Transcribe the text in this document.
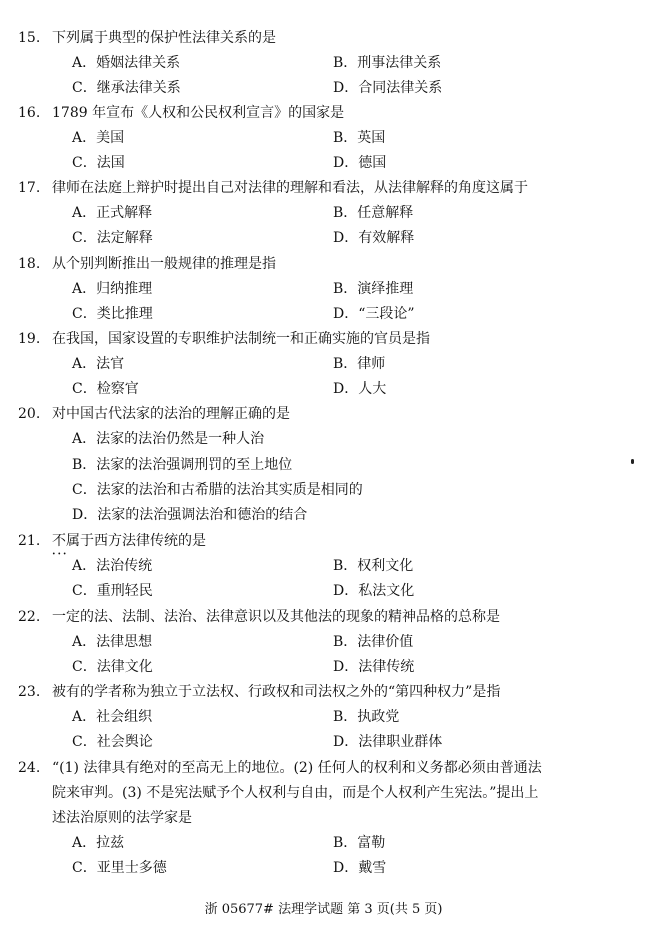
15. 下列属于典型的保护性法律关系的是
A．婚姻法律关系	B．刑事法律关系
C．继承法律关系	D．合同法律关系
16. 1789 年宣布《人权和公民权利宣言》的国家是
A．美国	B．英国
C．法国	D．德国
17. 律师在法庭上辩护时提出自己对法律的理解和看法，从法律解释的角度这属于
A．正式解释	B．任意解释
C．法定解释	D．有效解释
18. 从个别判断推出一般规律的推理是指
A．归纳推理	B．演绎推理
C．类比推理	D．“三段论”
19. 在我国，国家设置的专职维护法制统一和正确实施的官员是指
A．法官	B．律师
C．检察官	D．人大
20. 对中国古代法家的法治的理解正确的是
A．法家的法治仍然是一种人治
B．法家的法治强调刑罚的至上地位
C．法家的法治和古希腊的法治其实质是相同的
D．法家的法治强调法治和德治的结合
21. 不属于 • • •西方法律传统的是
A．法治传统	B．权利文化
C．重刑轻民	D．私法文化
22. 一定的法、法制、法治、法律意识以及其他法的现象的精神品格的总称是
A．法律思想	B．法律价值
C．法律文化	D．法律传统
23. 被有的学者称为独立于立法权、行政权和司法权之外的“第四种权力”是指
A．社会组织	B．执政党
C．社会舆论	D．法律职业群体
24. “(1) 法律具有绝对的至高无上的地位。(2) 任何人的权利和义务都必须由普通法
院来审判。(3) 不是宪法赋予个人权利与自由，而是个人权利产生宪法。”提出上
述法治原则的法学家是
A．拉兹	B．富勒
C．亚里士多德	D．戴雪
浙 05677# 法理学试题 第 3 页(共 5 页)
